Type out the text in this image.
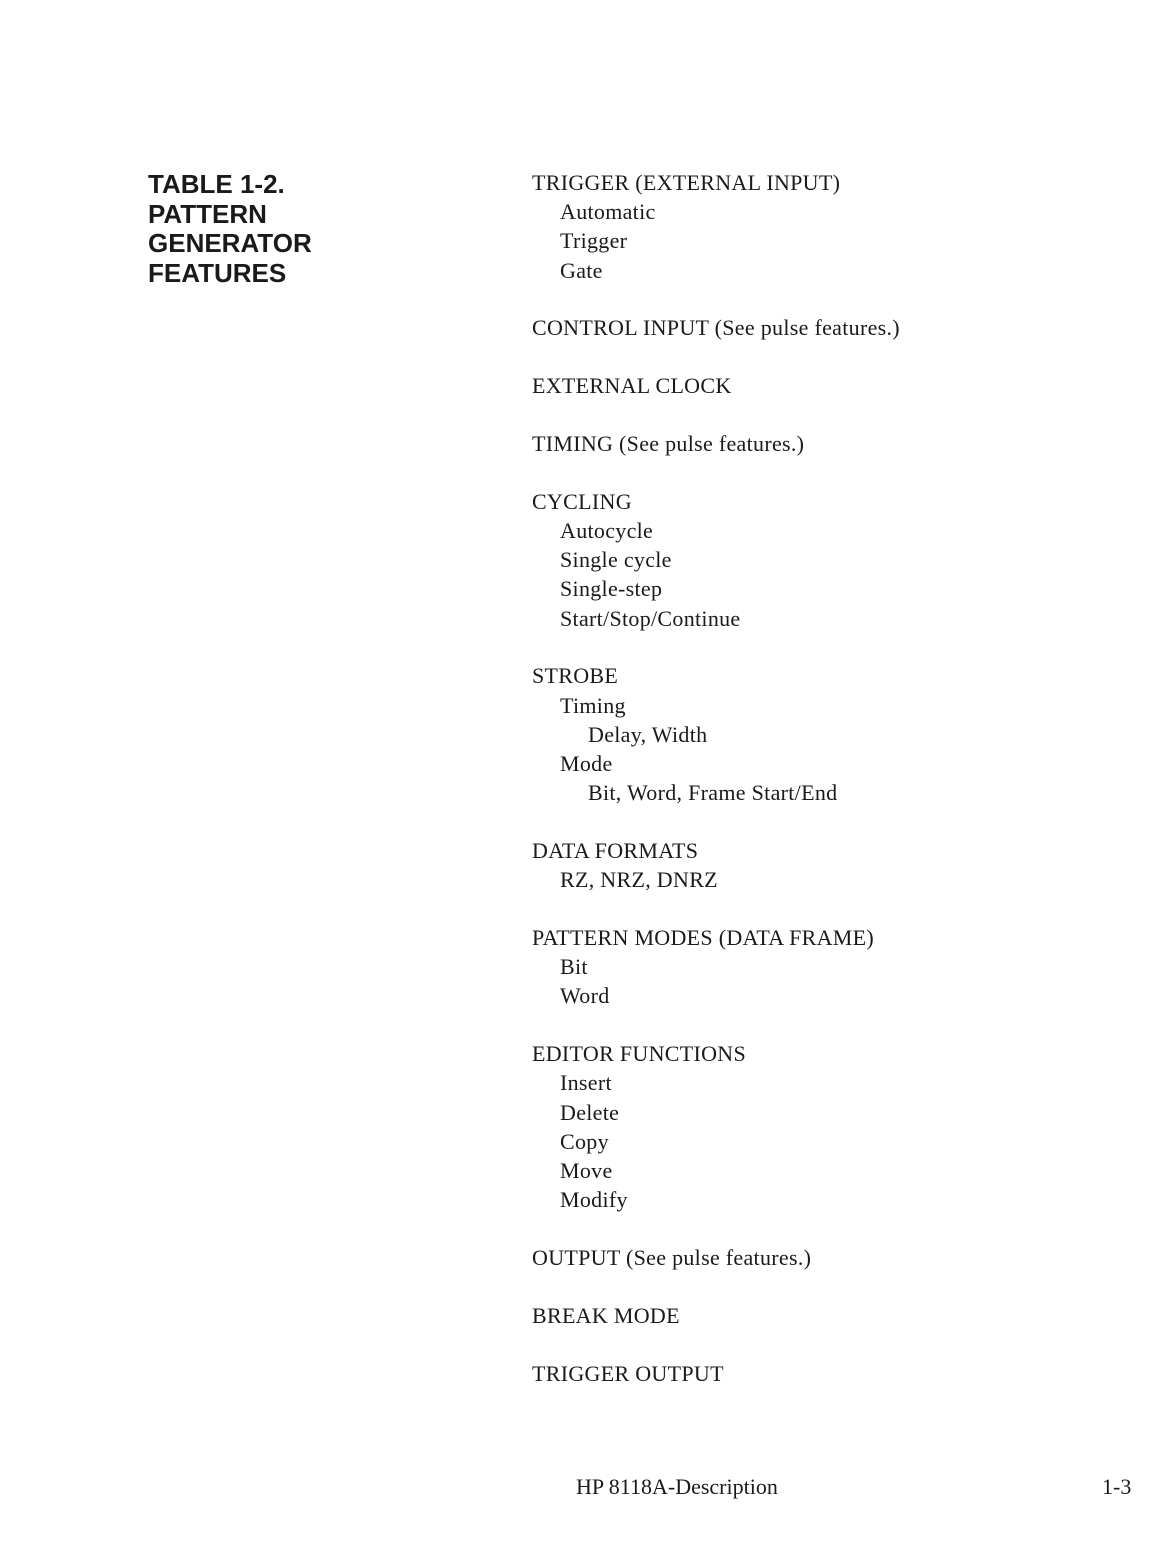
TABLE 1-2.
PATTERN
GENERATOR
FEATURES
TRIGGER (EXTERNAL INPUT)
Automatic
Trigger
Gate
CONTROL INPUT (See pulse features.)
EXTERNAL CLOCK
TIMING (See pulse features.)
CYCLING
Autocycle
Single cycle
Single-step
Start/Stop/Continue
STROBE
Timing
Delay, Width
Mode
Bit, Word, Frame Start/End
DATA FORMATS
RZ, NRZ, DNRZ
PATTERN MODES (DATA FRAME)
Bit
Word
EDITOR FUNCTIONS
Insert
Delete
Copy
Move
Modify
OUTPUT (See pulse features.)
BREAK MODE
TRIGGER OUTPUT
HP 8118A-Description	1-3
